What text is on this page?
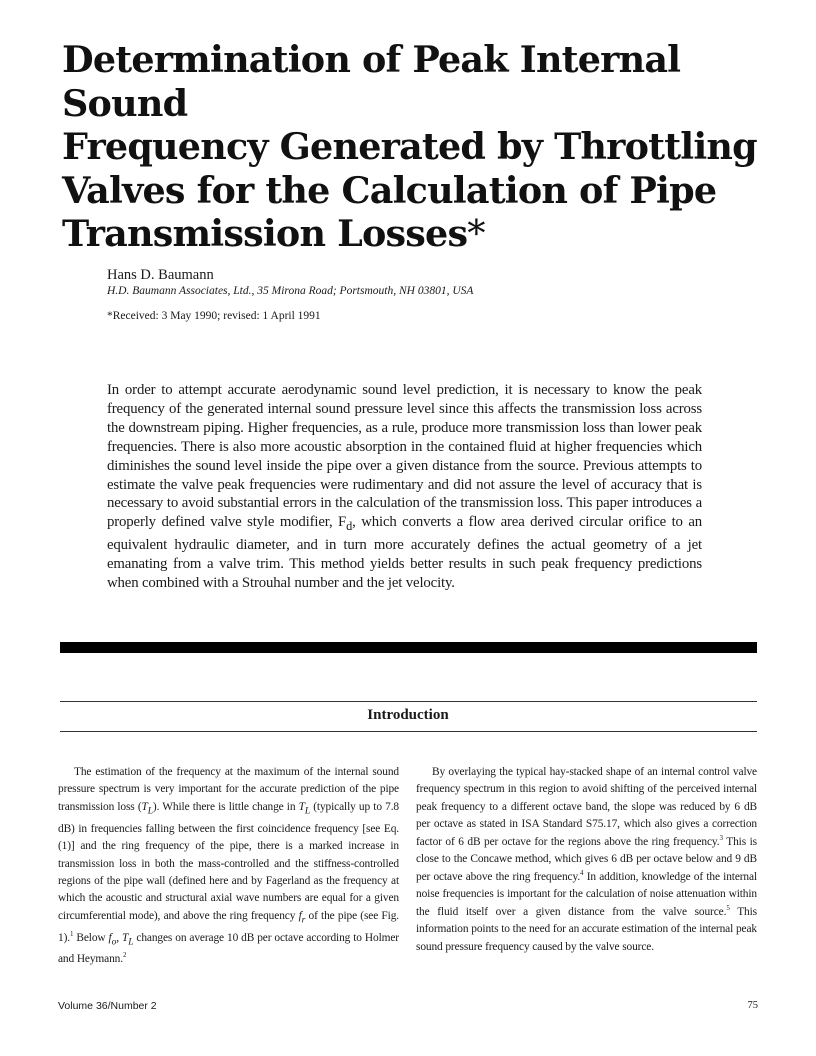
Determination of Peak Internal Sound
Frequency Generated by Throttling
Valves for the Calculation of Pipe
Transmission Losses*
Hans D. Baumann
H.D. Baumann Associates, Ltd., 35 Mirona Road; Portsmouth, NH 03801, USA
*Received: 3 May 1990; revised: 1 April 1991

In order to attempt accurate aerodynamic sound level prediction, it is necessary to know the peak frequency of the generated internal sound pressure level since this affects the transmission loss across the downstream piping. Higher frequencies, as a rule, produce more transmission loss than lower peak frequencies. There is also more acoustic absorption in the contained fluid at higher frequencies which diminishes the sound level inside the pipe over a given distance from the source. Previous attempts to estimate the valve peak frequencies were rudimentary and did not assure the level of accuracy that is necessary to avoid substantial errors in the calculation of the transmission loss. This paper introduces a properly defined valve style modifier, $F_d$, which converts a flow area derived circular orifice to an equivalent hydraulic diameter, and in turn more accurately defines the actual geometry of a jet emanating from a valve trim. This method yields better results in such peak frequency predictions when combined with a Strouhal number and the jet velocity.

Introduction

The estimation of the frequency at the maximum of the internal sound pressure spectrum is very important for the accurate prediction of the pipe transmission loss $(T_L)$. While there is little change in $T_L$ (typically up to 7.8 dB) in frequencies falling between the first coincidence frequency [see Eq. (1)] and the ring frequency of the pipe, there is a marked increase in transmission loss in both the mass-controlled and the stiffness-controlled regions of the pipe wall (defined here and by Fagerland as the frequency at which the acoustic and structural axial wave numbers are equal for a given circumferential mode), and above the ring frequency $f_r$ of the pipe (see Fig. 1).$^1$ Below $f_o$, $T_L$ changes on average 10 dB per octave according to Holmer and Heymann.$^2$

By overlaying the typical hay-stacked shape of an internal control valve frequency spectrum in this region to avoid shifting of the perceived internal peak frequency to a different octave band, the slope was reduced by 6 dB per octave as stated in ISA Standard S75.17, which also gives a correction factor of 6 dB per octave for the regions above the ring frequency.$^3$ This is close to the Concawe method, which gives 6 dB per octave below and 9 dB per octave above the ring frequency.$^4$ In addition, knowledge of the internal noise frequencies is important for the calculation of noise attenuation within the fluid itself over a given distance from the valve source.$^5$ This information points to the need for an accurate estimation of the internal peak sound pressure frequency caused by the valve source.

Volume 36/Number 2	75
